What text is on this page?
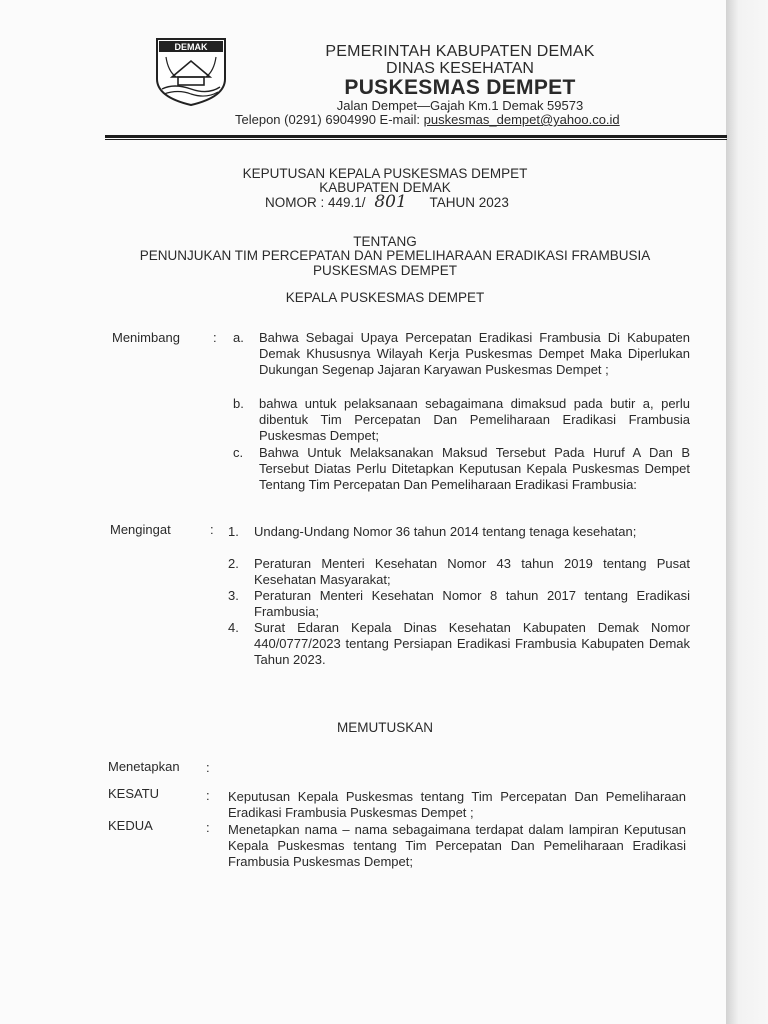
DEMAK	PEMERINTAH KABUPATEN DEMAK
DINAS KESEHATAN
PUSKESMAS DEMPET
Jalan Dempet—Gajah Km.1 Demak 59573
Telepon (0291) 6904990 E-mail: puskesmas_dempet@yahoo.co.id
KEPUTUSAN KEPALA PUSKESMAS DEMPET
KABUPATEN DEMAK
NOMOR : 449.1/ 801 TAHUN 2023
TENTANG
PENUNJUKAN TIM PERCEPATAN DAN PEMELIHARAAN ERADIKASI FRAMBUSIA
PUSKESMAS DEMPET
KEPALA PUSKESMAS DEMPET
Menimbang	: a. Bahwa Sebagai Upaya Percepatan Eradikasi Frambusia Di Kabupaten Demak Khususnya Wilayah Kerja Puskesmas Dempet Maka Diperlukan Dukungan Segenap Jajaran Karyawan Puskesmas Dempet ;
b. bahwa untuk pelaksanaan sebagaimana dimaksud pada butir a, perlu dibentuk Tim Percepatan Dan Pemeliharaan Eradikasi Frambusia Puskesmas Dempet;
c. Bahwa Untuk Melaksanakan Maksud Tersebut Pada Huruf A Dan B Tersebut Diatas Perlu Ditetapkan Keputusan Kepala Puskesmas Dempet Tentang Tim Percepatan Dan Pemeliharaan Eradikasi Frambusia:
Mengingat	: 1. Undang-Undang Nomor 36 tahun 2014 tentang tenaga kesehatan;
2. Peraturan Menteri Kesehatan Nomor 43 tahun 2019 tentang Pusat Kesehatan Masyarakat;
3. Peraturan Menteri Kesehatan Nomor 8 tahun 2017 tentang Eradikasi Frambusia;
4. Surat Edaran Kepala Dinas Kesehatan Kabupaten Demak Nomor 440/0777/2023 tentang Persiapan Eradikasi Frambusia Kabupaten Demak Tahun 2023.
MEMUTUSKAN
Menetapkan :
KESATU	: Keputusan Kepala Puskesmas tentang Tim Percepatan Dan Pemeliharaan Eradikasi Frambusia Puskesmas Dempet ;
KEDUA	: Menetapkan nama – nama sebagaimana terdapat dalam lampiran Keputusan Kepala Puskesmas tentang Tim Percepatan Dan Pemeliharaan Eradikasi Frambusia Puskesmas Dempet;
